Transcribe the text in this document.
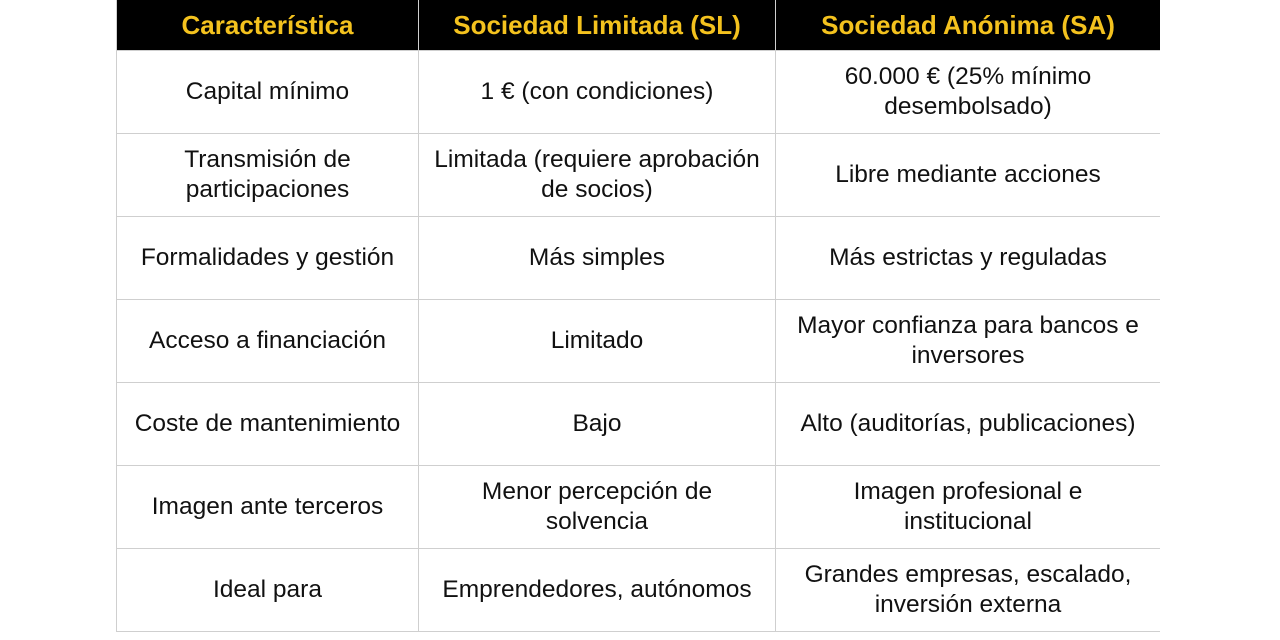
Característica	Sociedad Limitada (SL)	Sociedad Anónima (SA)
Capital mínimo	1 € (con condiciones)	60.000 € (25% mínimo desembolsado)
Transmisión de participaciones	Limitada (requiere aprobación de socios)	Libre mediante acciones
Formalidades y gestión	Más simples	Más estrictas y reguladas
Acceso a financiación	Limitado	Mayor confianza para bancos e inversores
Coste de mantenimiento	Bajo	Alto (auditorías, publicaciones)
Imagen ante terceros	Menor percepción de solvencia	Imagen profesional e institucional
Ideal para	Emprendedores, autónomos	Grandes empresas, escalado, inversión externa
